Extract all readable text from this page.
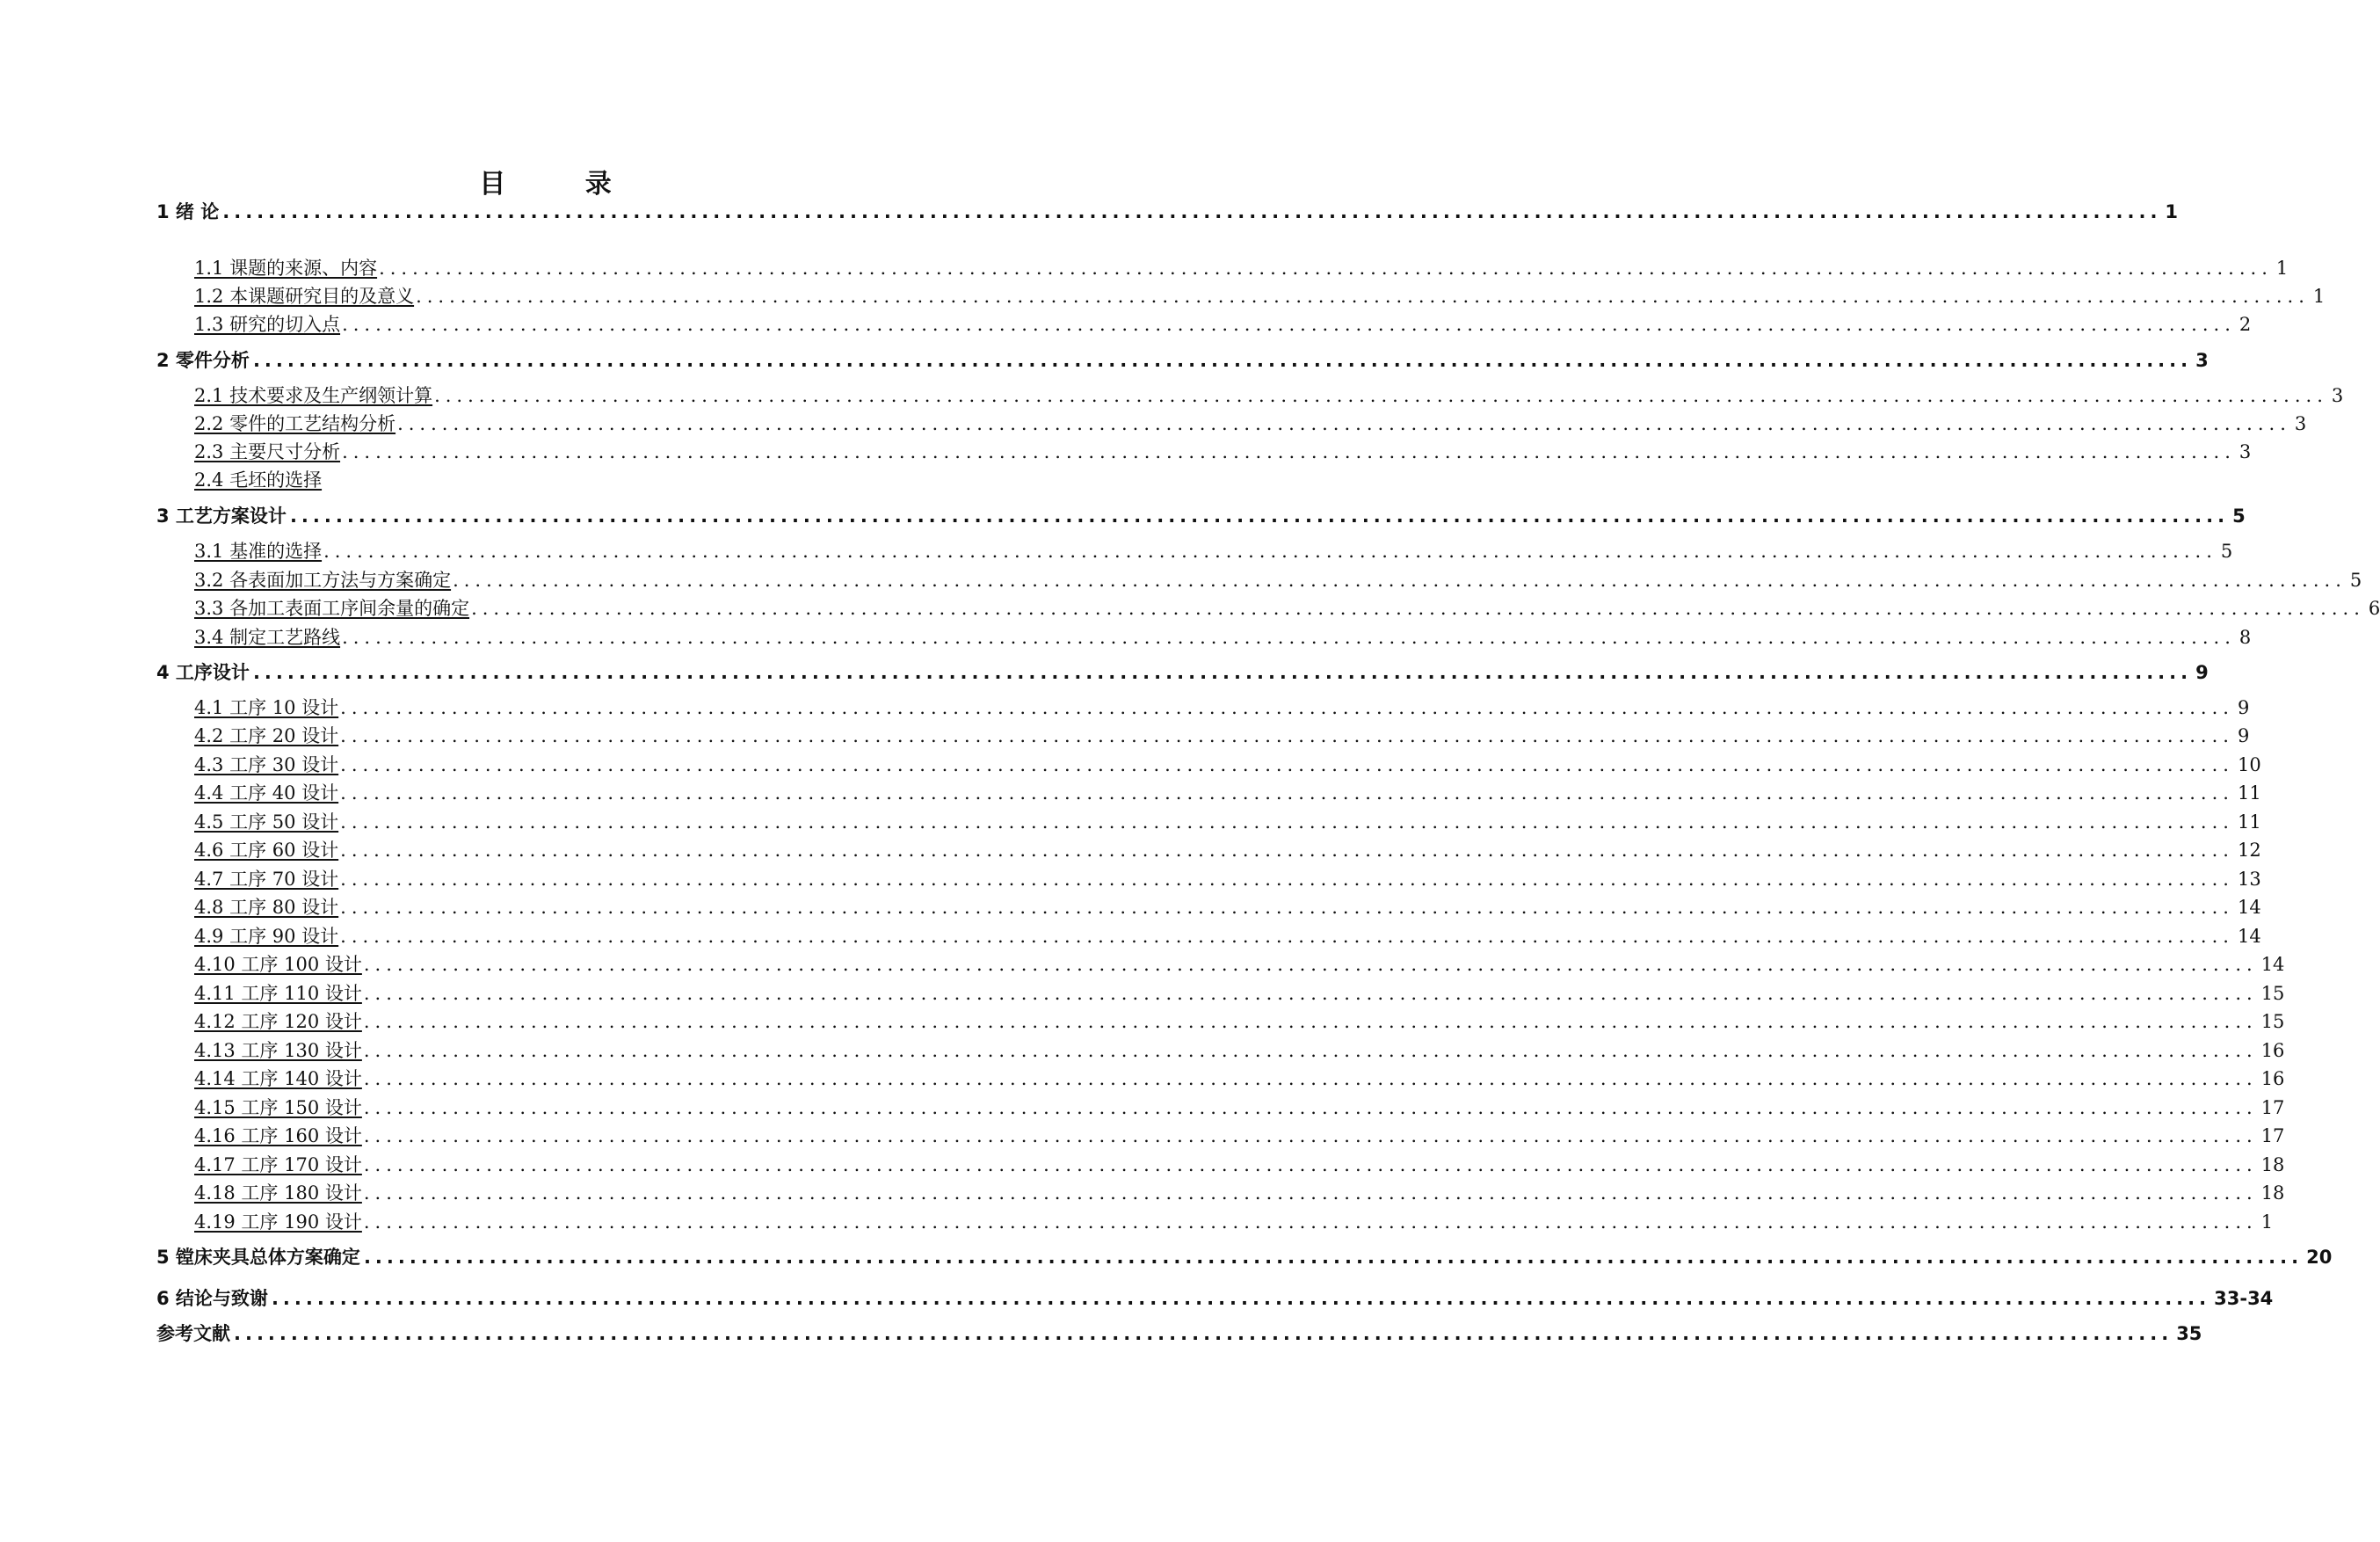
目 录
1 绪 论 .......................................................................................................................................................................... 1
1.1 课题的来源、内容 .......................................................................................................................................................................... 1
1.2 本课题研究目的及意义 .......................................................................................................................................................................... 1
1.3 研究的切入点 .......................................................................................................................................................................... 2
2 零件分析 .......................................................................................................................................................................... 3
2.1 技术要求及生产纲领计算 .......................................................................................................................................................................... 3
2.2 零件的工艺结构分析 .......................................................................................................................................................................... 3
2.3 主要尺寸分析 .......................................................................................................................................................................... 3
2.4 毛坯的选择
3 工艺方案设计 .......................................................................................................................................................................... 5
3.1 基准的选择 .......................................................................................................................................................................... 5
3.2 各表面加工方法与方案确定 .......................................................................................................................................................................... 5
3.3 各加工表面工序间余量的确定 .......................................................................................................................................................................... 6
3.4 制定工艺路线 .......................................................................................................................................................................... 8
4 工序设计 .......................................................................................................................................................................... 9
4.1 工序 10 设计 .......................................................................................................................................................................... 9
4.2 工序 20 设计 .......................................................................................................................................................................... 9
4.3 工序 30 设计 .......................................................................................................................................................................... 10
4.4 工序 40 设计 .......................................................................................................................................................................... 11
4.5 工序 50 设计 .......................................................................................................................................................................... 11
4.6 工序 60 设计 .......................................................................................................................................................................... 12
4.7 工序 70 设计 .......................................................................................................................................................................... 13
4.8 工序 80 设计 .......................................................................................................................................................................... 14
4.9 工序 90 设计 .......................................................................................................................................................................... 14
4.10 工序 100 设计 .......................................................................................................................................................................... 14
4.11 工序 110 设计 .......................................................................................................................................................................... 15
4.12 工序 120 设计 .......................................................................................................................................................................... 15
4.13 工序 130 设计 .......................................................................................................................................................................... 16
4.14 工序 140 设计 .......................................................................................................................................................................... 16
4.15 工序 150 设计 .......................................................................................................................................................................... 17
4.16 工序 160 设计 .......................................................................................................................................................................... 17
4.17 工序 170 设计 .......................................................................................................................................................................... 18
4.18 工序 180 设计 .......................................................................................................................................................................... 18
4.19 工序 190 设计 .......................................................................................................................................................................... 1
5 镗床夹具总体方案确定 .......................................................................................................................................................................... 20
6 结论与致谢 .......................................................................................................................................................................... 33-34
参考文献 .......................................................................................................................................................................... 35
